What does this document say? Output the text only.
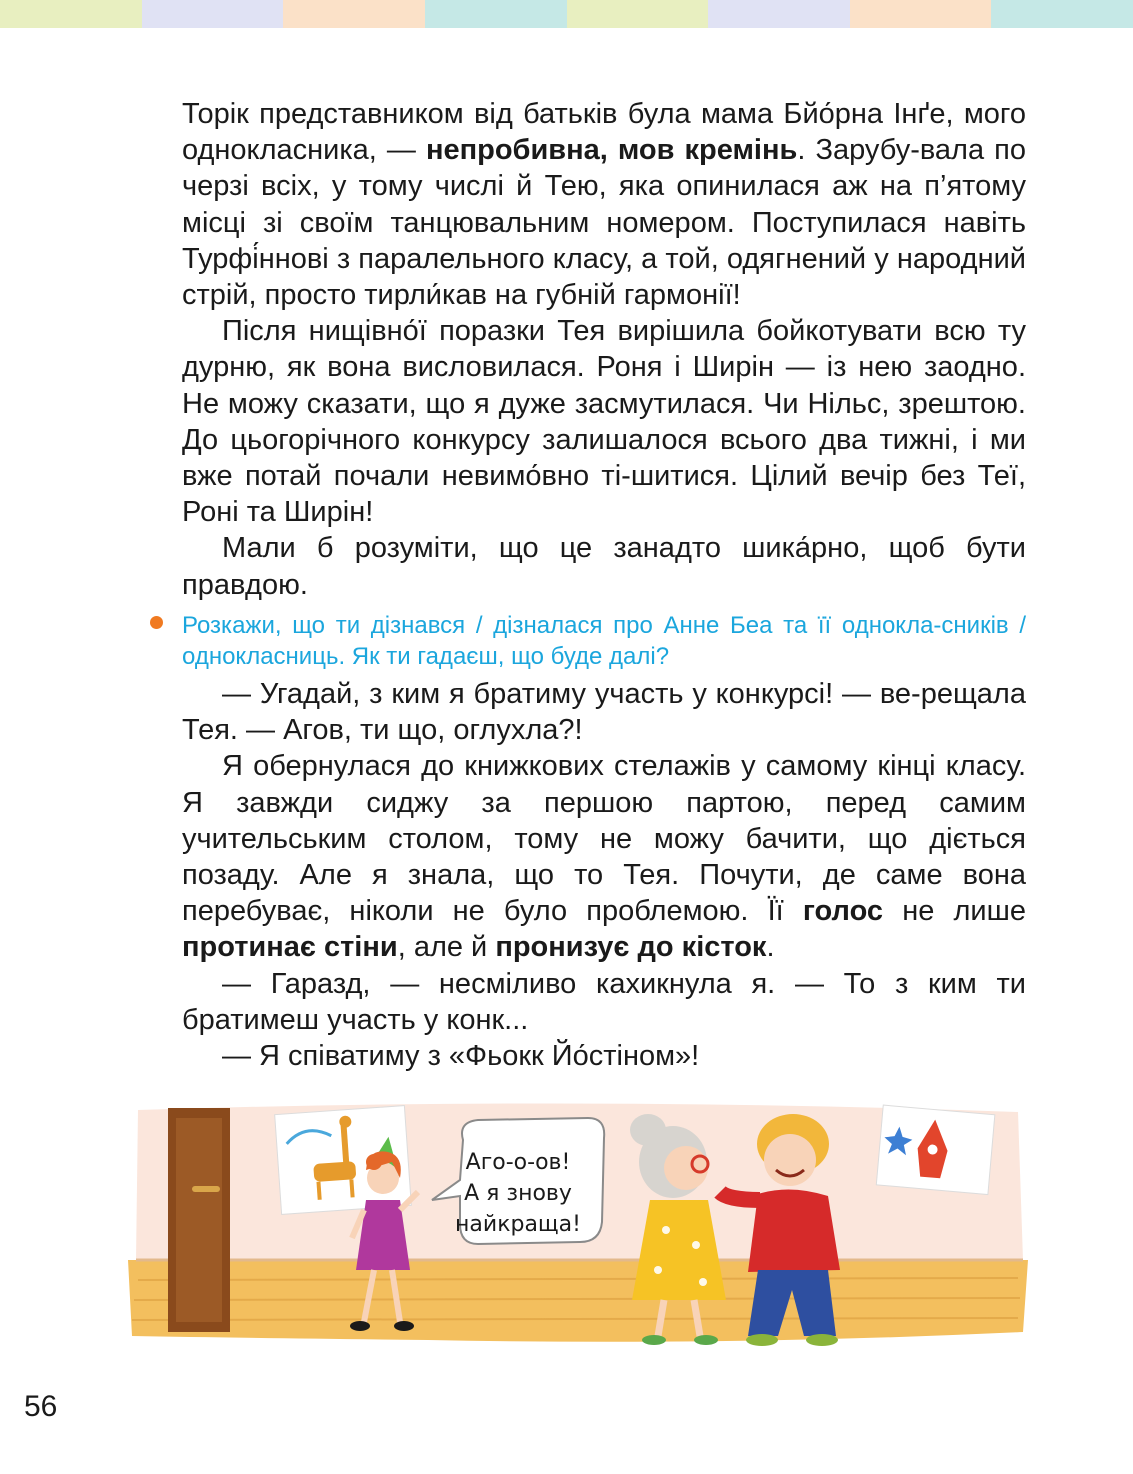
Торік представником від батьків була мама Бйо́рна Інґе, мого однокласника, — непробивна, мов кремінь. Зарубу-вала по черзі всіх, у тому числі й Тею, яка опинилася аж на п’ятому місці зі своїм танцювальним номером. Поступилася навіть Турфі́ннові з паралельного класу, а той, одягнений у народний стрій, просто тирли́кав на губній гармонії!

Після нищівно́ї поразки Тея вирішила бойкотувати всю ту дурню, як вона висловилася. Роня і Ширін — із нею заодно. Не можу сказати, що я дуже засмутилася. Чи Нільс, зрештою. До цьогорічного конкурсу залишалося всього два тижні, і ми вже потай почали невимо́вно ті-шитися. Цілий вечір без Теї, Роні та Ширін!

Мали б розуміти, що це занадто шика́рно, щоб бути правдою.

Розкажи, що ти дізнався / дізналася про Анне Беа та її однокла-сників / однокласниць. Як ти гадаєш, що буде далі?

— Угадай, з ким я братиму участь у конкурсі! — ве-рещала Тея. — Агов, ти що, оглухла?!

Я обернулася до книжкових стелажів у самому кінці класу. Я завжди сиджу за першою партою, перед самим учительським столом, тому не можу бачити, що діється позаду. Але я знала, що то Тея. Почути, де саме вона перебуває, ніколи не було проблемою. Її голос не лише протинає стіни, але й пронизує до кісток.

— Гаразд, — несміливо кахикнула я. — То з ким ти братимеш участь у конк...

— Я співатиму з «Фьокк Йо́стіном»!

Аго-о-ов!
А я знову
найкраща!
56
